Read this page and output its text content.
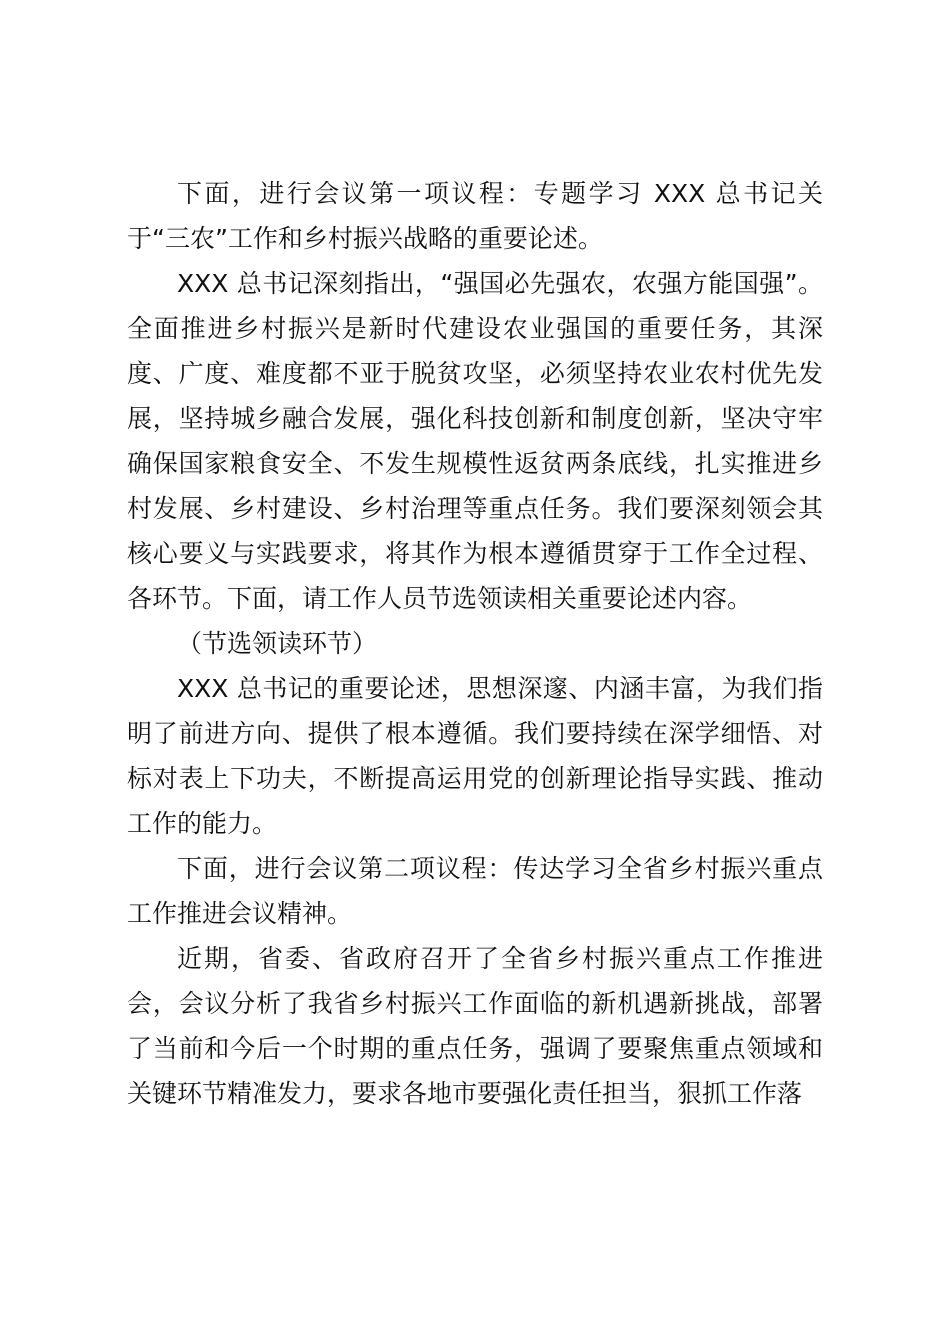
下面，进行会议第一项议程：专题学习 XXX 总书记关于“三农”工作和乡村振兴战略的重要论述。

XXX 总书记深刻指出，“强国必先强农，农强方能国强”。全面推进乡村振兴是新时代建设农业强国的重要任务，其深度、广度、难度都不亚于脱贫攻坚，必须坚持农业农村优先发展，坚持城乡融合发展，强化科技创新和制度创新，坚决守牢确保国家粮食安全、不发生规模性返贫两条底线，扎实推进乡村发展、乡村建设、乡村治理等重点任务。我们要深刻领会其核心要义与实践要求，将其作为根本遵循贯穿于工作全过程、各环节。下面，请工作人员节选领读相关重要论述内容。

（节选领读环节）

XXX 总书记的重要论述，思想深邃、内涵丰富，为我们指明了前进方向、提供了根本遵循。我们要持续在深学细悟、对标对表上下功夫，不断提高运用党的创新理论指导实践、推动工作的能力。

下面，进行会议第二项议程：传达学习全省乡村振兴重点工作推进会议精神。

近期，省委、省政府召开了全省乡村振兴重点工作推进会，会议分析了我省乡村振兴工作面临的新机遇新挑战，部署了当前和今后一个时期的重点任务，强调了要聚焦重点领域和关键环节精准发力，要求各地市要强化责任担当，狠抓工作落
